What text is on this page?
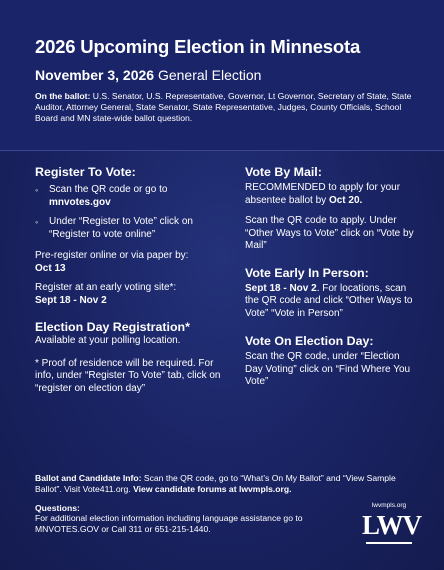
2026 Upcoming Election in Minnesota
November 3, 2026 General Election
On the ballot: U.S. Senator, U.S. Representative, Governor, Lt Governor, Secretary of State, State Auditor, Attorney General, State Senator, State Representative, Judges, County Officials, School Board and MN state-wide ballot question.
Register To Vote:
◦ Scan the QR code or go to mnvotes.gov
◦ Under “Register to Vote” click on “Register to vote online”
Pre-register online or via paper by:
Oct 13
Register at an early voting site*:
Sept 18 - Nov 2
Election Day Registration*
Available at your polling location.
* Proof of residence will be required. For info, under “Register To Vote” tab, click on “register on election day”
Vote By Mail:
RECOMMENDED to apply for your absentee ballot by Oct 20.
Scan the QR code to apply. Under “Other Ways to Vote” click on “Vote by Mail”
Vote Early In Person:
Sept 18 - Nov 2. For locations, scan the QR code and click “Other Ways to Vote” “Vote in Person”
Vote On Election Day:
Scan the QR code, under “Election Day Voting” click on “Find Where You Vote”
Ballot and Candidate Info: Scan the QR code, go to “What’s On My Ballot” and “View Sample Ballot”. Visit Vote411.org. View candidate forums at lwvmpls.org.
Questions:
For additional election information including language assistance go to MNVOTES.GOV or Call 311 or 651-215-1440.
lwvmpls.org
LWV
